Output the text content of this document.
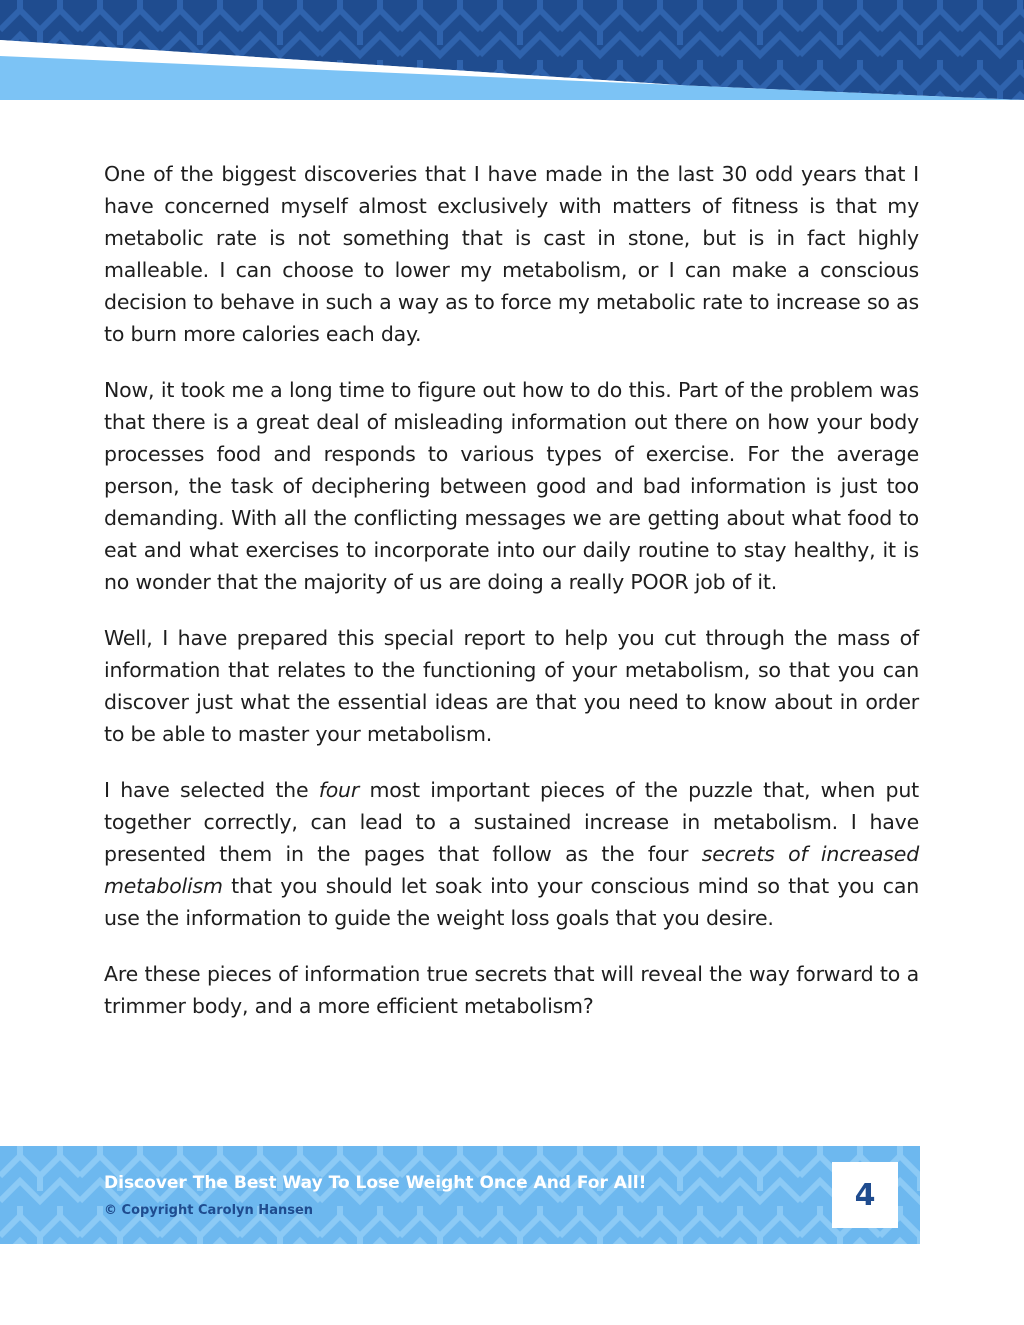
One of the biggest discoveries that I have made in the last 30 odd years that I have concerned myself almost exclusively with matters of fitness is that my metabolic rate is not something that is cast in stone, but is in fact highly malleable. I can choose to lower my metabolism, or I can make a conscious decision to behave in such a way as to force my metabolic rate to increase so as to burn more calories each day.

Now, it took me a long time to figure out how to do this. Part of the problem was that there is a great deal of misleading information out there on how your body processes food and responds to various types of exercise. For the average person, the task of deciphering between good and bad information is just too demanding. With all the conflicting messages we are getting about what food to eat and what exercises to incorporate into our daily routine to stay healthy, it is no wonder that the majority of us are doing a really POOR job of it.

Well, I have prepared this special report to help you cut through the mass of information that relates to the functioning of your metabolism, so that you can discover just what the essential ideas are that you need to know about in order to be able to master your metabolism.

I have selected the four most important pieces of the puzzle that, when put together correctly, can lead to a sustained increase in metabolism. I have presented them in the pages that follow as the four secrets of increased metabolism that you should let soak into your conscious mind so that you can use the information to guide the weight loss goals that you desire.

Are these pieces of information true secrets that will reveal the way forward to a trimmer body, and a more efficient metabolism?

Discover The Best Way To Lose Weight Once And For All!

© Copyright Carolyn Hansen	4
